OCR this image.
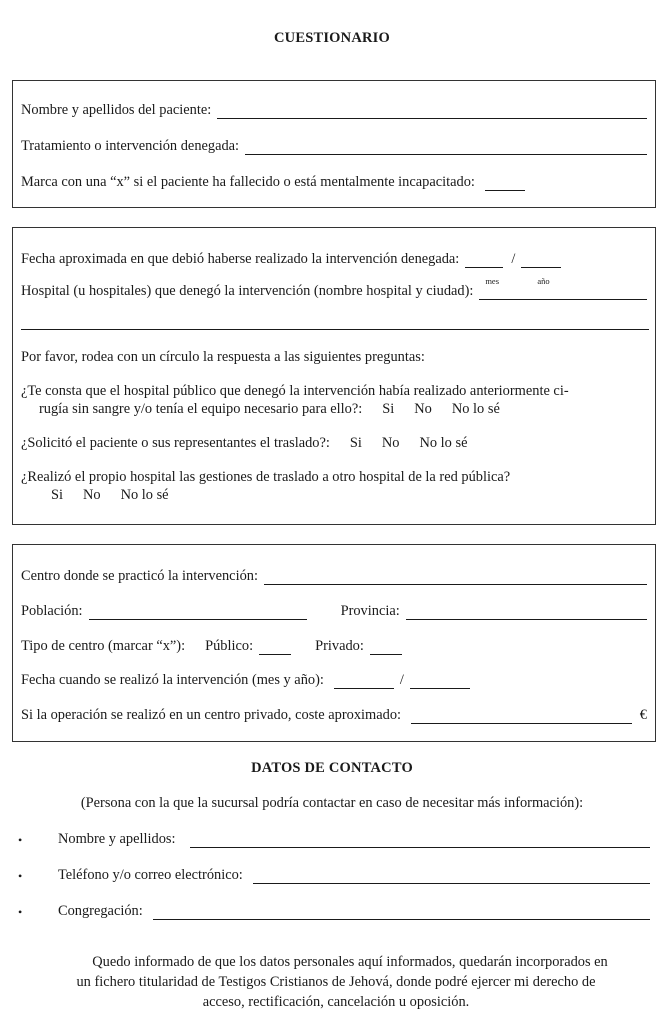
CUESTIONARIO
Nombre y apellidos del paciente:
Tratamiento o intervención denegada:
Marca con una “x” si el paciente ha fallecido o está mentalmente incapacitado:
Fecha aproximada en que debió haberse realizado la intervención denegada:
mes
/
año
Hospital (u hospitales) que denegó la intervención (nombre hospital y ciudad):
Por favor, rodea con un círculo la respuesta a las siguientes preguntas:
¿Te consta que el hospital público que denegó la intervención había realizado anteriormente ci-
rugía sin sangre y/o tenía el equipo necesario para ello?: Si No No lo sé
¿Solicitó el paciente o sus representantes el traslado?: Si No No lo sé
¿Realizó el propio hospital las gestiones de traslado a otro hospital de la red pública?
Si No No lo sé
Centro donde se practicó la intervención:
Población:	Provincia:
Tipo de centro (marcar “x”): Público:	Privado:
Fecha cuando se realizó la intervención (mes y año):	/
Si la operación se realizó en un centro privado, coste aproximado:	€
DATOS DE CONTACTO
(Persona con la que la sucursal podría contactar en caso de necesitar más información):
• Nombre y apellidos:
• Teléfono y/o correo electrónico:
• Congregación:
Quedo informado de que los datos personales aquí informados, quedarán incorporados en
un fichero titularidad de Testigos Cristianos de Jehová, donde podré ejercer mi derecho de
acceso, rectificación, cancelación u oposición.
